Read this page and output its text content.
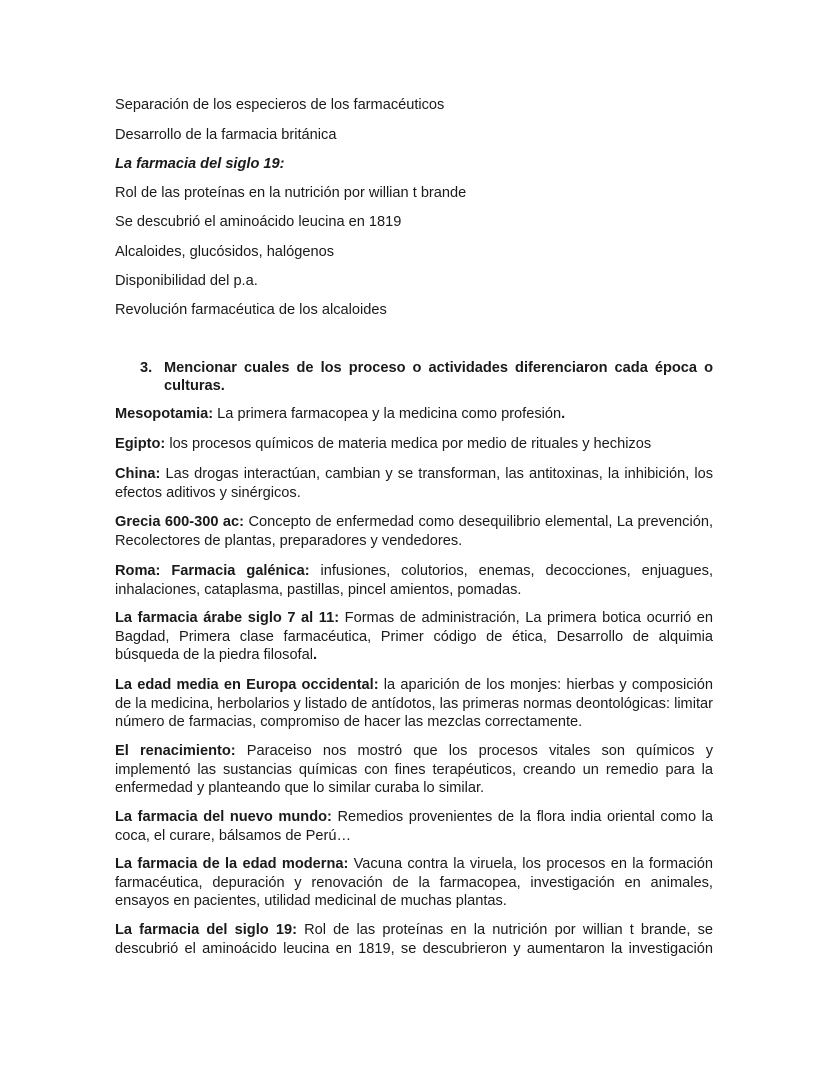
Separación de los especieros de los farmacéuticos
Desarrollo de la farmacia británica
La farmacia del siglo 19:
Rol de las proteínas en la nutrición por willian t brande
Se descubrió el aminoácido leucina en 1819
Alcaloides, glucósidos, halógenos
Disponibilidad del p.a.
Revolución farmacéutica de los alcaloides
3. Mencionar cuales de los proceso o actividades diferenciaron cada época o culturas.
Mesopotamia: La primera farmacopea y la medicina como profesión.
Egipto: los procesos químicos de materia medica por medio de rituales y hechizos
China: Las drogas interactúan, cambian y se transforman, las antitoxinas, la inhibición, los efectos aditivos y sinérgicos.
Grecia 600-300 ac: Concepto de enfermedad como desequilibrio elemental, La prevención, Recolectores de plantas, preparadores y vendedores.
Roma: Farmacia galénica: infusiones, colutorios, enemas, decocciones, enjuagues, inhalaciones, cataplasma, pastillas, pincel amientos, pomadas.
La farmacia árabe siglo 7 al 11: Formas de administración, La primera botica ocurrió en Bagdad, Primera clase farmacéutica, Primer código de ética, Desarrollo de alquimia búsqueda de la piedra filosofal.
La edad media en Europa occidental: la aparición de los monjes: hierbas y composición de la medicina, herbolarios y listado de antídotos, las primeras normas deontológicas: limitar número de farmacias, compromiso de hacer las mezclas correctamente.
El renacimiento: Paraceiso nos mostró que los procesos vitales son químicos y implementó las sustancias químicas con fines terapéuticos, creando un remedio para la enfermedad y planteando que lo similar curaba lo similar.
La farmacia del nuevo mundo: Remedios provenientes de la flora india oriental como la coca, el curare, bálsamos de Perú…
La farmacia de la edad moderna: Vacuna contra la viruela, los procesos en la formación farmacéutica, depuración y renovación de la farmacopea, investigación en animales, ensayos en pacientes, utilidad medicinal de muchas plantas.
La farmacia del siglo 19: Rol de las proteínas en la nutrición por willian t brande, se descubrió el aminoácido leucina en 1819, se descubrieron y aumentaron la investigación
